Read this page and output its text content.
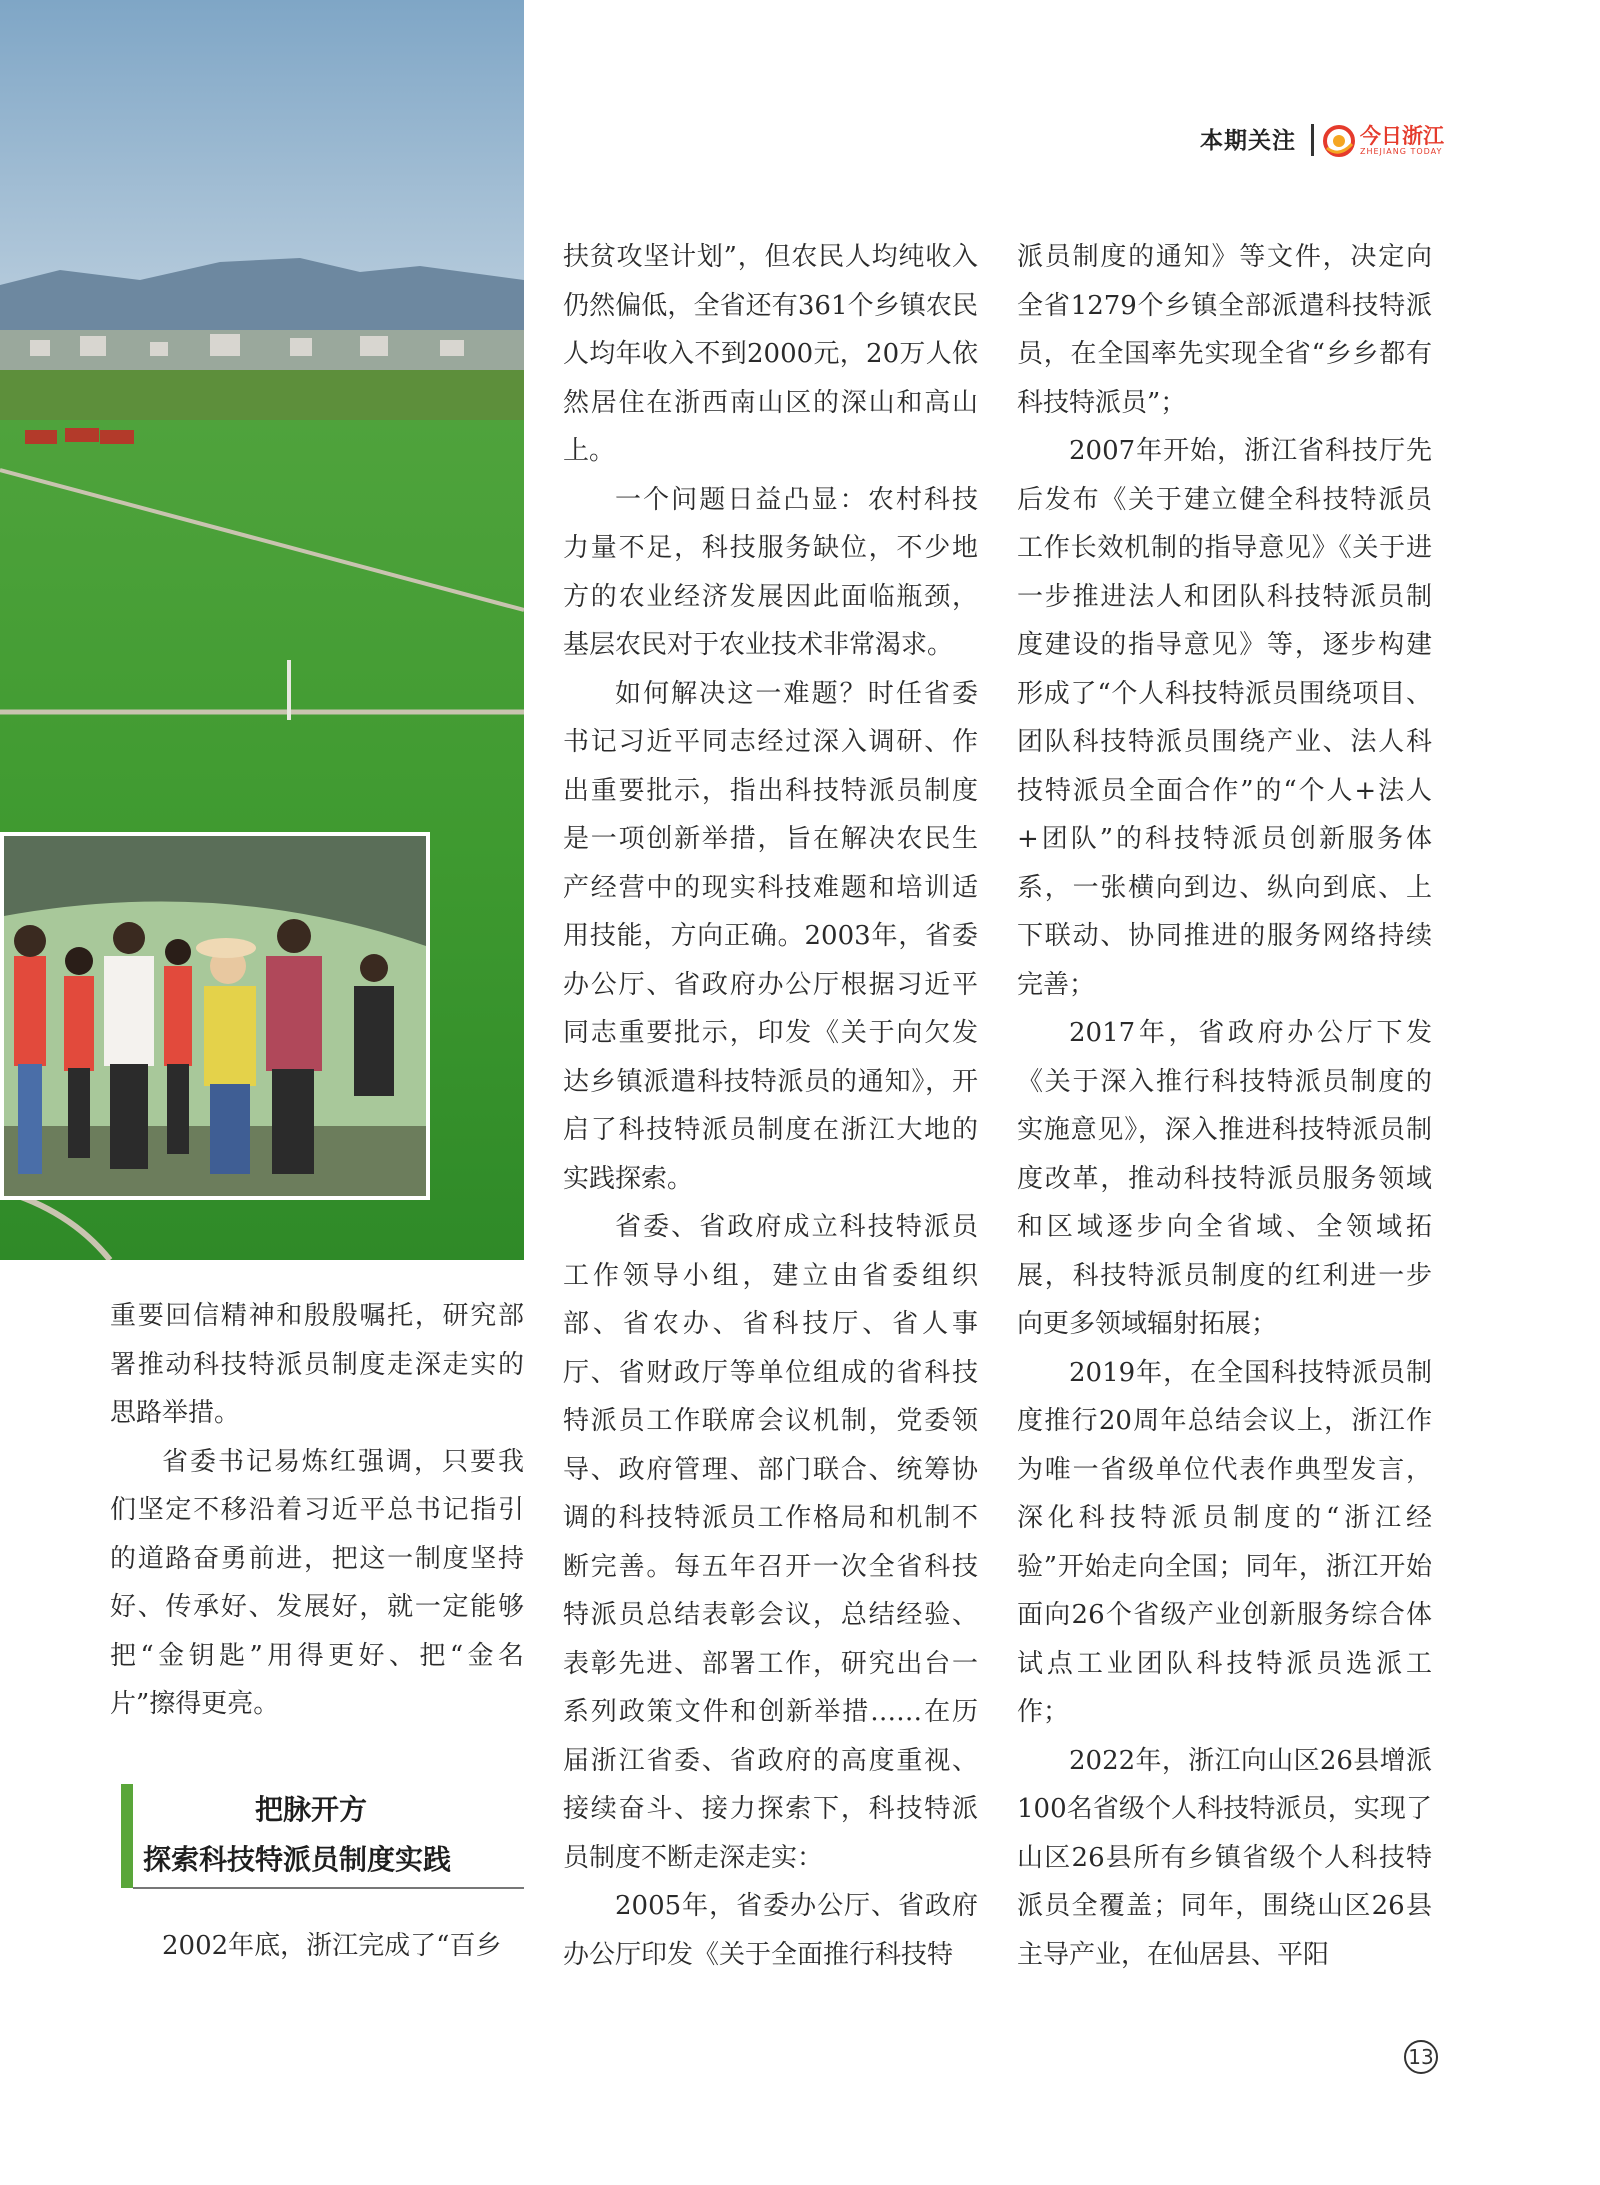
本期关注	今日浙江
ZHEJIANG TODAY

重要回信精神和殷殷嘱托，研究部署推动科技特派员制度走深走实的思路举措。

省委书记易炼红强调，只要我们坚定不移沿着习近平总书记指引的道路奋勇前进，把这一制度坚持好、传承好、发展好，就一定能够把“金钥匙”用得更好、把“金名片”擦得更亮。

把脉开方
探索科技特派员制度实践

2002年底，浙江完成了“百乡

扶贫攻坚计划”，但农民人均纯收入仍然偏低，全省还有361个乡镇农民人均年收入不到2000元，20万人依然居住在浙西南山区的深山和高山上。

一个问题日益凸显：农村科技力量不足，科技服务缺位，不少地方的农业经济发展因此面临瓶颈，基层农民对于农业技术非常渴求。

如何解决这一难题？时任省委书记习近平同志经过深入调研、作出重要批示，指出科技特派员制度是一项创新举措，旨在解决农民生产经营中的现实科技难题和培训适用技能，方向正确。2003年，省委办公厅、省政府办公厅根据习近平同志重要批示，印发《关于向欠发达乡镇派遣科技特派员的通知》，开启了科技特派员制度在浙江大地的实践探索。

省委、省政府成立科技特派员工作领导小组，建立由省委组织部、省农办、省科技厅、省人事厅、省财政厅等单位组成的省科技特派员工作联席会议机制，党委领导、政府管理、部门联合、统筹协调的科技特派员工作格局和机制不断完善。每五年召开一次全省科技特派员总结表彰会议，总结经验、表彰先进、部署工作，研究出台一系列政策文件和创新举措……在历届浙江省委、省政府的高度重视、接续奋斗、接力探索下，科技特派员制度不断走深走实：

2005年，省委办公厅、省政府办公厅印发《关于全面推行科技特

派员制度的通知》等文件，决定向全省1279个乡镇全部派遣科技特派员，在全国率先实现全省“乡乡都有科技特派员”；

2007年开始，浙江省科技厅先后发布《关于建立健全科技特派员工作长效机制的指导意见》《关于进一步推进法人和团队科技特派员制度建设的指导意见》等，逐步构建形成了“个人科技特派员围绕项目、团队科技特派员围绕产业、法人科技特派员全面合作”的“个人+法人+团队”的科技特派员创新服务体系，一张横向到边、纵向到底、上下联动、协同推进的服务网络持续完善；

2017年，省政府办公厅下发《关于深入推行科技特派员制度的实施意见》，深入推进科技特派员制度改革，推动科技特派员服务领域和区域逐步向全省域、全领域拓展，科技特派员制度的红利进一步向更多领域辐射拓展；

2019年，在全国科技特派员制度推行20周年总结会议上，浙江作为唯一省级单位代表作典型发言，深化科技特派员制度的“浙江经验”开始走向全国；同年，浙江开始面向26个省级产业创新服务综合体试点工业团队科技特派员选派工作；

2022年，浙江向山区26县增派100名省级个人科技特派员，实现了山区26县所有乡镇省级个人科技特派员全覆盖；同年，围绕山区26县主导产业，在仙居县、平阳

13
